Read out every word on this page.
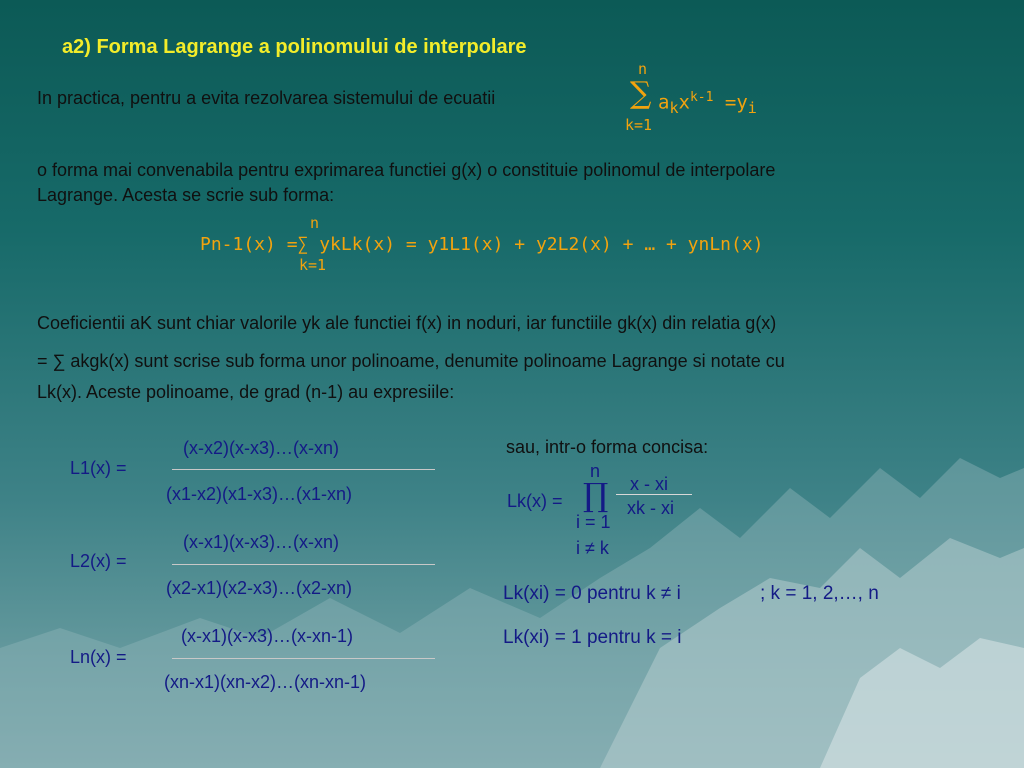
a2) Forma Lagrange a polinomului de interpolare
In practica, pentru a evita rezolvarea sistemului de ecuatii
n
∑ $a_kx^{k-1} =y_i$
k=1
o forma mai convenabila pentru exprimarea functiei g(x) o constituie polinomul de interpolare
Lagrange. Acesta se scrie sub forma:
n
k=1
Pn-1(x) =∑ ykLk(x) = y1L1(x) + y2L2(x) + … + ynLn(x)
Coeficientii aK sunt chiar valorile yk ale functiei f(x) in noduri, iar functiile gk(x) din relatia g(x)
= ∑ akgk(x) sunt scrise sub forma unor polinoame, denumite polinoame Lagrange si notate cu
Lk(x). Aceste polinoame, de grad (n-1) au expresiile:
L1(x) =
(x-x2)(x-x3)…(x-xn)
(x1-x2)(x1-x3)…(x1-xn)
L2(x) =
(x-x1)(x-x3)…(x-xn)
(x2-x1)(x2-x3)…(x2-xn)
Ln(x) =
(x-x1)(x-x3)…(x-xn-1)
(xn-x1)(xn-x2)…(xn-xn-1)
sau, intr-o forma concisa:
Lk(x) =
n
∏
i = 1
i ≠ k
x - xi
xk - xi
Lk(xi) = 0 pentru k ≠ i	; k = 1, 2,…, n
Lk(xi) = 1 pentru k = i
